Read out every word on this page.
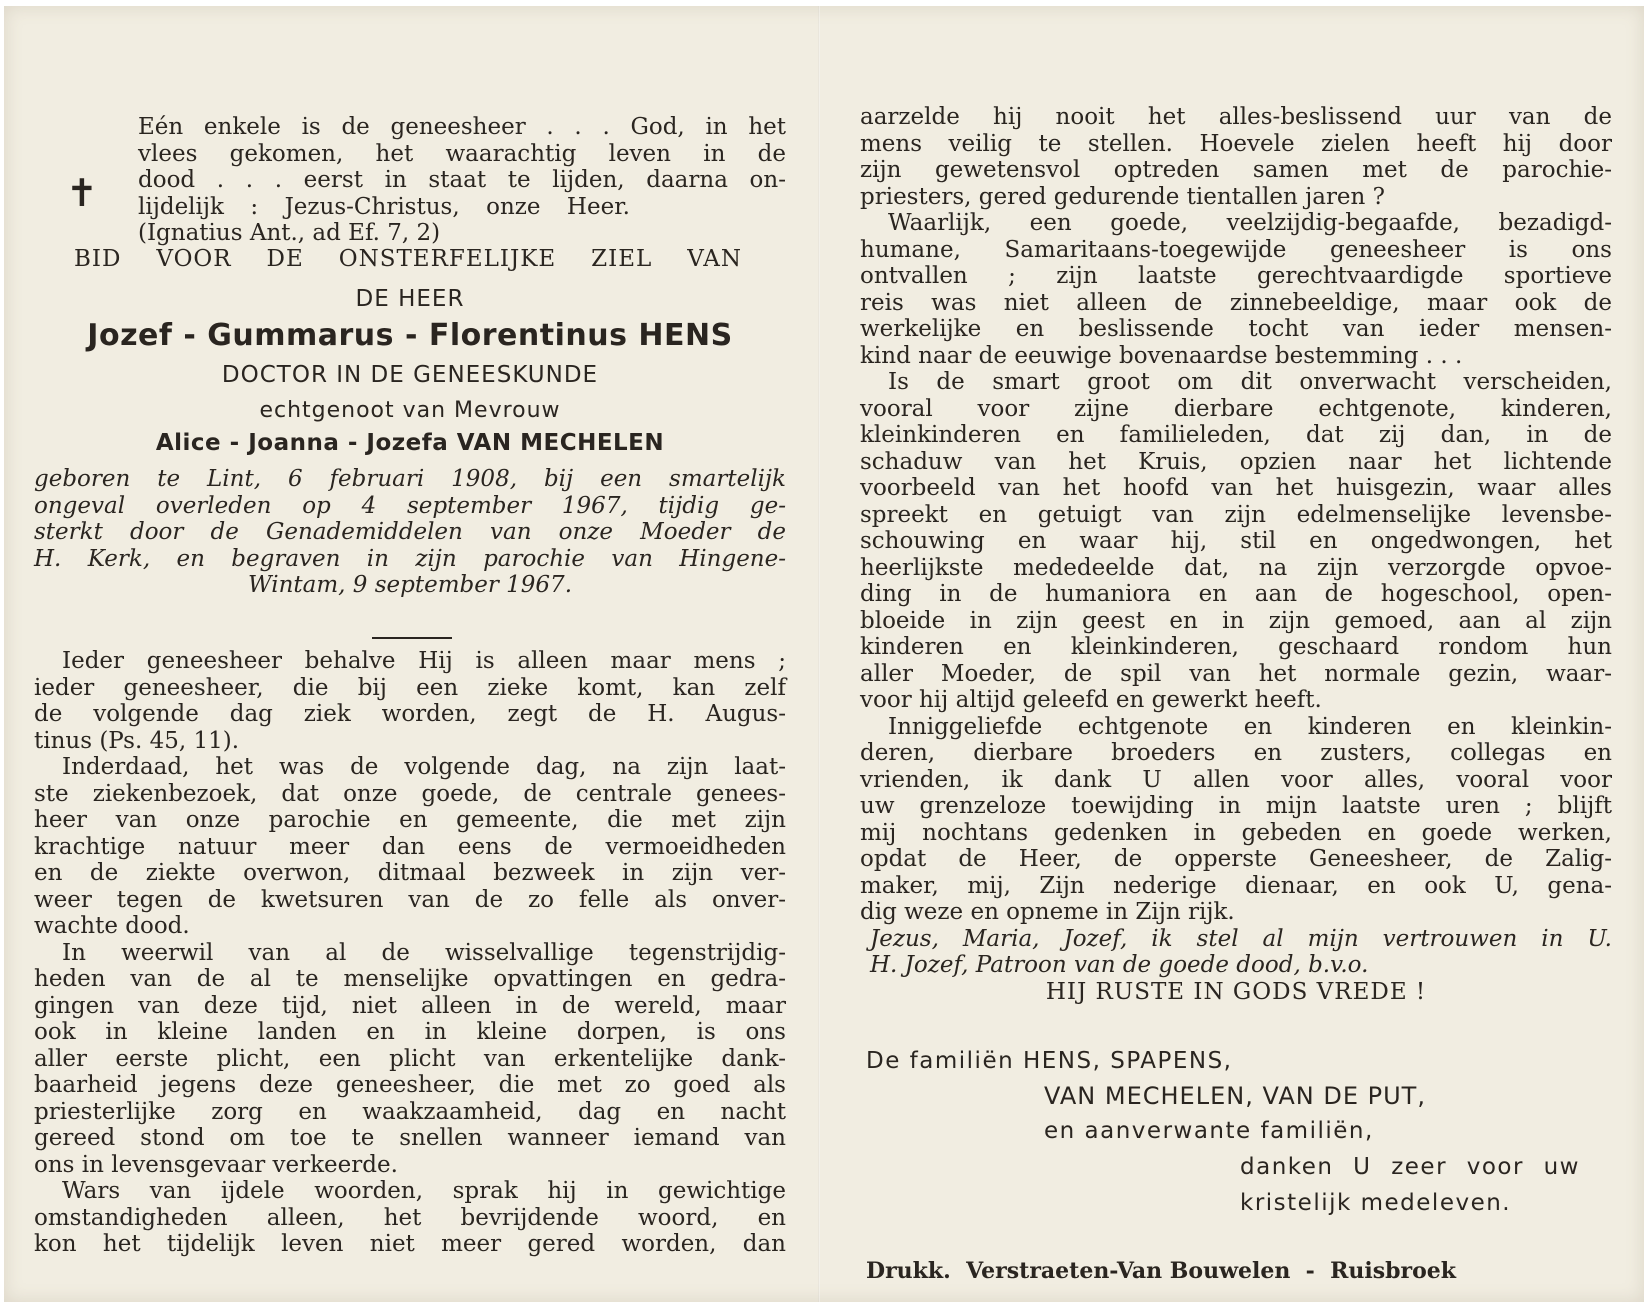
✝
Eén enkele is de geneesheer . . . God, in het
vlees gekomen, het waarachtig leven in de
dood . . . eerst in staat te lijden, daarna on-
lijdelijk : Jezus-Christus, onze Heer.
(Ignatius Ant., ad Ef. 7, 2)
BID VOOR DE ONSTERFELIJKE ZIEL VAN
DE HEER
Jozef - Gummarus - Florentinus HENS
DOCTOR IN DE GENEESKUNDE
echtgenoot van Mevrouw
Alice - Joanna - Jozefa VAN MECHELEN
geboren te Lint, 6 februari 1908, bij een smartelijk
ongeval overleden op 4 september 1967, tijdig ge-
sterkt door de Genademiddelen van onze Moeder de
H. Kerk, en begraven in zijn parochie van Hingene-
Wintam, 9 september 1967.
Ieder geneesheer behalve Hij is alleen maar mens ;
ieder geneesheer, die bij een zieke komt, kan zelf
de volgende dag ziek worden, zegt de H. Augus-
tinus (Ps. 45, 11).
Inderdaad, het was de volgende dag, na zijn laat-
ste ziekenbezoek, dat onze goede, de centrale genees-
heer van onze parochie en gemeente, die met zijn
krachtige natuur meer dan eens de vermoeidheden
en de ziekte overwon, ditmaal bezweek in zijn ver-
weer tegen de kwetsuren van de zo felle als onver-
wachte dood.
In weerwil van al de wisselvallige tegenstrijdig-
heden van de al te menselijke opvattingen en gedra-
gingen van deze tijd, niet alleen in de wereld, maar
ook in kleine landen en in kleine dorpen, is ons
aller eerste plicht, een plicht van erkentelijke dank-
baarheid jegens deze geneesheer, die met zo goed als
priesterlijke zorg en waakzaamheid, dag en nacht
gereed stond om toe te snellen wanneer iemand van
ons in levensgevaar verkeerde.
Wars van ijdele woorden, sprak hij in gewichtige
omstandigheden alleen, het bevrijdende woord, en
kon het tijdelijk leven niet meer gered worden, dan
aarzelde hij nooit het alles-beslissend uur van de
mens veilig te stellen. Hoevele zielen heeft hij door
zijn gewetensvol optreden samen met de parochie-
priesters, gered gedurende tientallen jaren ?
Waarlijk, een goede, veelzijdig-begaafde, bezadigd-
humane, Samaritaans-toegewijde geneesheer is ons
ontvallen ; zijn laatste gerechtvaardigde sportieve
reis was niet alleen de zinnebeeldige, maar ook de
werkelijke en beslissende tocht van ieder mensen-
kind naar de eeuwige bovenaardse bestemming . . .
Is de smart groot om dit onverwacht verscheiden,
vooral voor zijne dierbare echtgenote, kinderen,
kleinkinderen en familieleden, dat zij dan, in de
schaduw van het Kruis, opzien naar het lichtende
voorbeeld van het hoofd van het huisgezin, waar alles
spreekt en getuigt van zijn edelmenselijke levensbe-
schouwing en waar hij, stil en ongedwongen, het
heerlijkste mededeelde dat, na zijn verzorgde opvoe-
ding in de humaniora en aan de hogeschool, open-
bloeide in zijn geest en in zijn gemoed, aan al zijn
kinderen en kleinkinderen, geschaard rondom hun
aller Moeder, de spil van het normale gezin, waar-
voor hij altijd geleefd en gewerkt heeft.
Inniggeliefde echtgenote en kinderen en kleinkin-
deren, dierbare broeders en zusters, collegas en
vrienden, ik dank U allen voor alles, vooral voor
uw grenzeloze toewijding in mijn laatste uren ; blijft
mij nochtans gedenken in gebeden en goede werken,
opdat de Heer, de opperste Geneesheer, de Zalig-
maker, mij, Zijn nederige dienaar, en ook U, gena-
dig weze en opneme in Zijn rijk.
Jezus, Maria, Jozef, ik stel al mijn vertrouwen in U.
H. Jozef, Patroon van de goede dood, b.v.o.
HIJ RUSTE IN GODS VREDE !
De familiën HENS, SPAPENS,
VAN MECHELEN, VAN DE PUT,
en aanverwante familiën,
danken U zeer voor uw
kristelijk medeleven.
Drukk.  Verstraeten-Van Bouwelen  -  Ruisbroek
